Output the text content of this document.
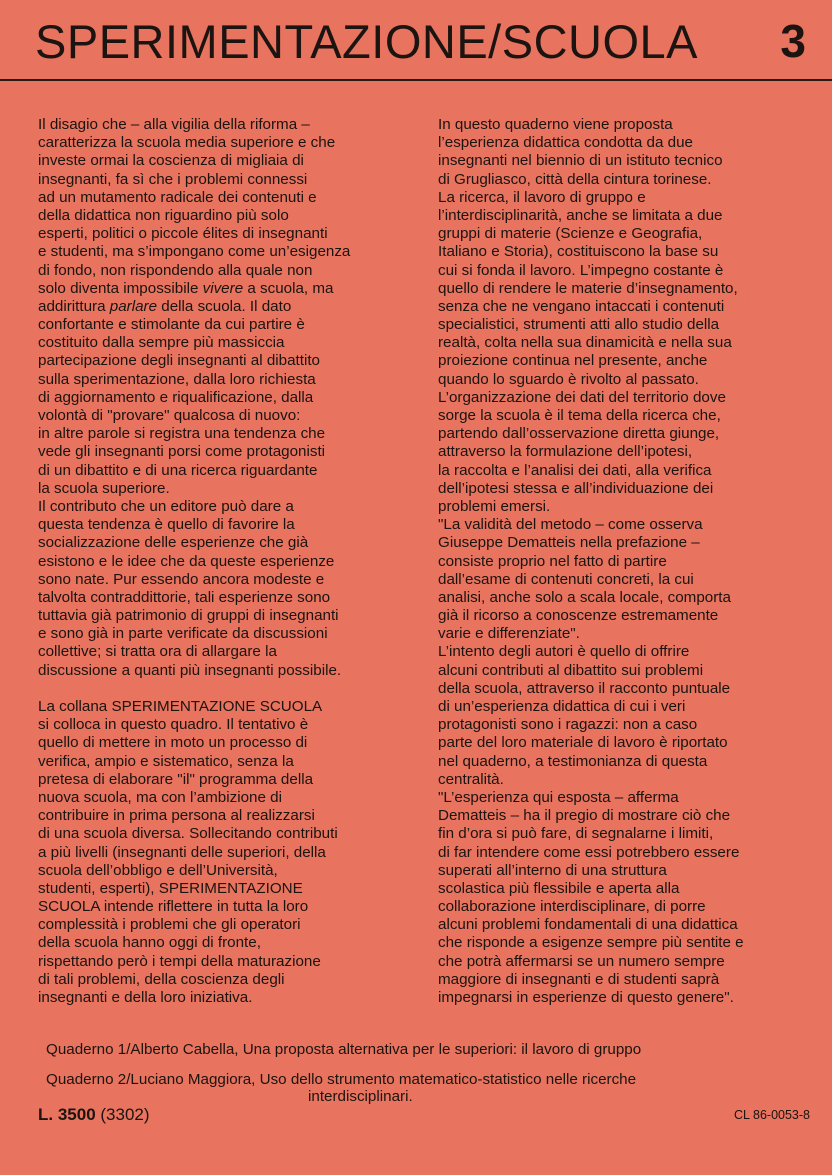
SPERIMENTAZIONE/SCUOLA 3
Il disagio che – alla vigilia della riforma –
caratterizza la scuola media superiore e che
investe ormai la coscienza di migliaia di
insegnanti, fa sì che i problemi connessi
ad un mutamento radicale dei contenuti e
della didattica non riguardino più solo
esperti, politici o piccole élites di insegnanti
e studenti, ma s’impongano come un’esigenza
di fondo, non rispondendo alla quale non
solo diventa impossibile vivere a scuola, ma
addirittura parlare della scuola. Il dato
confortante e stimolante da cui partire è
costituito dalla sempre più massiccia
partecipazione degli insegnanti al dibattito
sulla sperimentazione, dalla loro richiesta
di aggiornamento e riqualificazione, dalla
volontà di "provare" qualcosa di nuovo:
in altre parole si registra una tendenza che
vede gli insegnanti porsi come protagonisti
di un dibattito e di una ricerca riguardante
la scuola superiore.
Il contributo che un editore può dare a
questa tendenza è quello di favorire la
socializzazione delle esperienze che già
esistono e le idee che da queste esperienze
sono nate. Pur essendo ancora modeste e
talvolta contraddittorie, tali esperienze sono
tuttavia già patrimonio di gruppi di insegnanti
e sono già in parte verificate da discussioni
collettive; si tratta ora di allargare la
discussione a quanti più insegnanti possibile.
La collana SPERIMENTAZIONE SCUOLA
si colloca in questo quadro. Il tentativo è
quello di mettere in moto un processo di
verifica, ampio e sistematico, senza la
pretesa di elaborare "il" programma della
nuova scuola, ma con l’ambizione di
contribuire in prima persona al realizzarsi
di una scuola diversa. Sollecitando contributi
a più livelli (insegnanti delle superiori, della
scuola dell’obbligo e dell’Università,
studenti, esperti), SPERIMENTAZIONE
SCUOLA intende riflettere in tutta la loro
complessità i problemi che gli operatori
della scuola hanno oggi di fronte,
rispettando però i tempi della maturazione
di tali problemi, della coscienza degli
insegnanti e della loro iniziativa.
In questo quaderno viene proposta
l’esperienza didattica condotta da due
insegnanti nel biennio di un istituto tecnico
di Grugliasco, città della cintura torinese.
La ricerca, il lavoro di gruppo e
l’interdisciplinarità, anche se limitata a due
gruppi di materie (Scienze e Geografia,
Italiano e Storia), costituiscono la base su
cui si fonda il lavoro. L’impegno costante è
quello di rendere le materie d’insegnamento,
senza che ne vengano intaccati i contenuti
specialistici, strumenti atti allo studio della
realtà, colta nella sua dinamicità e nella sua
proiezione continua nel presente, anche
quando lo sguardo è rivolto al passato.
L’organizzazione dei dati del territorio dove
sorge la scuola è il tema della ricerca che,
partendo dall’osservazione diretta giunge,
attraverso la formulazione dell’ipotesi,
la raccolta e l’analisi dei dati, alla verifica
dell’ipotesi stessa e all’individuazione dei
problemi emersi.
"La validità del metodo – come osserva
Giuseppe Dematteis nella prefazione –
consiste proprio nel fatto di partire
dall’esame di contenuti concreti, la cui
analisi, anche solo a scala locale, comporta
già il ricorso a conoscenze estremamente
varie e differenziate".
L’intento degli autori è quello di offrire
alcuni contributi al dibattito sui problemi
della scuola, attraverso il racconto puntuale
di un’esperienza didattica di cui i veri
protagonisti sono i ragazzi: non a caso
parte del loro materiale di lavoro è riportato
nel quaderno, a testimonianza di questa
centralità.
"L’esperienza qui esposta – afferma
Dematteis – ha il pregio di mostrare ciò che
fin d’ora si può fare, di segnalarne i limiti,
di far intendere come essi potrebbero essere
superati all’interno di una struttura
scolastica più flessibile e aperta alla
collaborazione interdisciplinare, di porre
alcuni problemi fondamentali di una didattica
che risponde a esigenze sempre più sentite e
che potrà affermarsi se un numero sempre
maggiore di insegnanti e di studenti saprà
impegnarsi in esperienze di questo genere".
Quaderno 1/Alberto Cabella, Una proposta alternativa per le superiori: il lavoro di gruppo
Quaderno 2/Luciano Maggiora, Uso dello strumento matematico-statistico nelle ricerche
interdisciplinari.
L. 3500 (3302)	CL 86-0053-8
